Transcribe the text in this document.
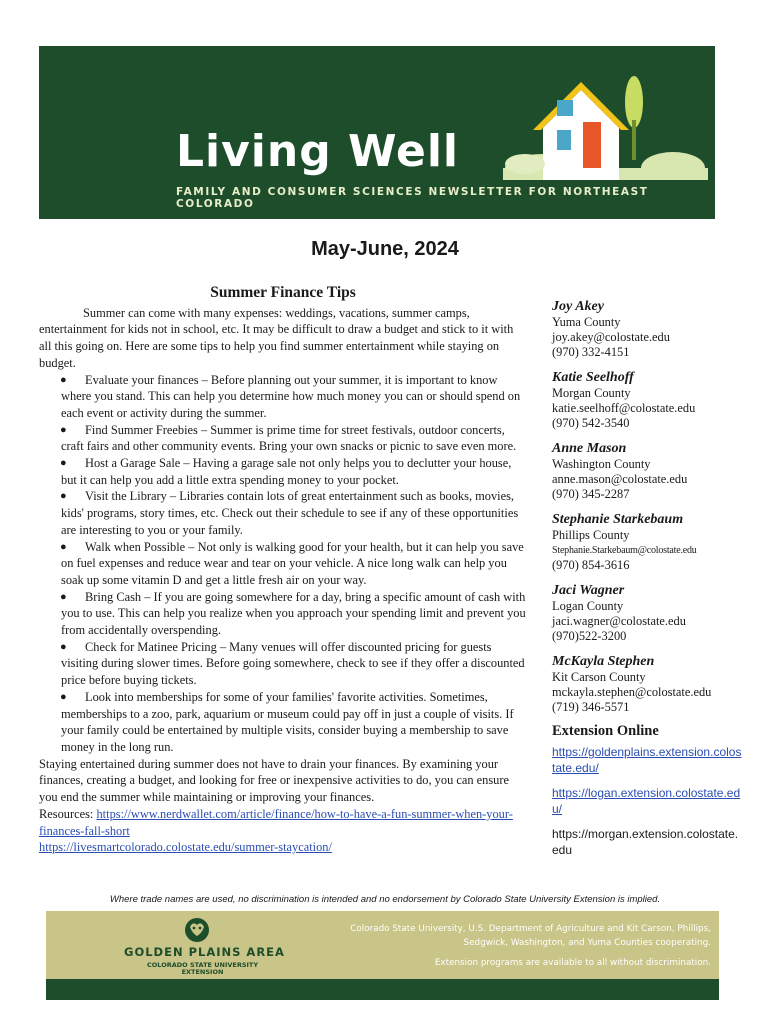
Living Well
FAMILY AND CONSUMER SCIENCES NEWSLETTER FOR NORTHEAST COLORADO
May-June, 2024
Summer Finance Tips

Summer can come with many expenses: weddings, vacations, summer camps, entertainment for kids not in school, etc. It may be difficult to draw a budget and stick to it with all this going on. Here are some tips to help you find summer entertainment while staying on budget.

●	Evaluate your finances – Before planning out your summer, it is important to know where you stand. This can help you determine how much money you can or should spend on each event or activity during the summer.
●	Find Summer Freebies – Summer is prime time for street festivals, outdoor concerts, craft fairs and other community events. Bring your own snacks or picnic to save even more.
●	Host a Garage Sale – Having a garage sale not only helps you to declutter your house, but it can help you add a little extra spending money to your pocket.
●	Visit the Library – Libraries contain lots of great entertainment such as books, movies, kids' programs, story times, etc. Check out their schedule to see if any of these opportunities are interesting to you or your family.
●	Walk when Possible – Not only is walking good for your health, but it can help you save on fuel expenses and reduce wear and tear on your vehicle. A nice long walk can help you soak up some vitamin D and get a little fresh air on your way.
●	Bring Cash – If you are going somewhere for a day, bring a specific amount of cash with you to use. This can help you realize when you approach your spending limit and prevent you from accidentally overspending.
●	Check for Matinee Pricing – Many venues will offer discounted pricing for guests visiting during slower times. Before going somewhere, check to see if they offer a discounted price before buying tickets.
●	Look into memberships for some of your families' favorite activities. Sometimes, memberships to a zoo, park, aquarium or museum could pay off in just a couple of visits. If your family could be entertained by multiple visits, consider buying a membership to save money in the long run.

Staying entertained during summer does not have to drain your finances. By examining your finances, creating a budget, and looking for free or inexpensive activities to do, you can ensure you end the summer while maintaining or improving your finances.

Resources: https://www.nerdwallet.com/article/finance/how-to-have-a-fun-summer-when-your-finances-fall-short
https://livesmartcolorado.colostate.edu/summer-staycation/
Joy Akey
Yuma County
joy.akey@colostate.edu
(970) 332-4151
Katie Seelhoff
Morgan County
katie.seelhoff@colostate.edu
(970) 542-3540
Anne Mason
Washington County
anne.mason@colostate.edu
(970) 345-2287
Stephanie Starkebaum
Phillips County
Stephanie.Starkebaum@colostate.edu
(970) 854-3616
Jaci Wagner
Logan County
jaci.wagner@colostate.edu
(970)522-3200
McKayla Stephen
Kit Carson County
mckayla.stephen@colostate.edu
(719) 346-5571
Extension Online
https://goldenplains.extension.colostate.edu/
https://logan.extension.colostate.edu/
https://morgan.extension.colostate.edu
Where trade names are used, no discrimination is intended and no endorsement by Colorado State University Extension is implied.
GOLDEN PLAINS AREA
COLORADO STATE UNIVERSITY
EXTENSION
Colorado State University, U.S. Department of Agriculture and Kit Carson, Phillips, Sedgwick, Washington, and Yuma Counties cooperating.
Extension programs are available to all without discrimination.
